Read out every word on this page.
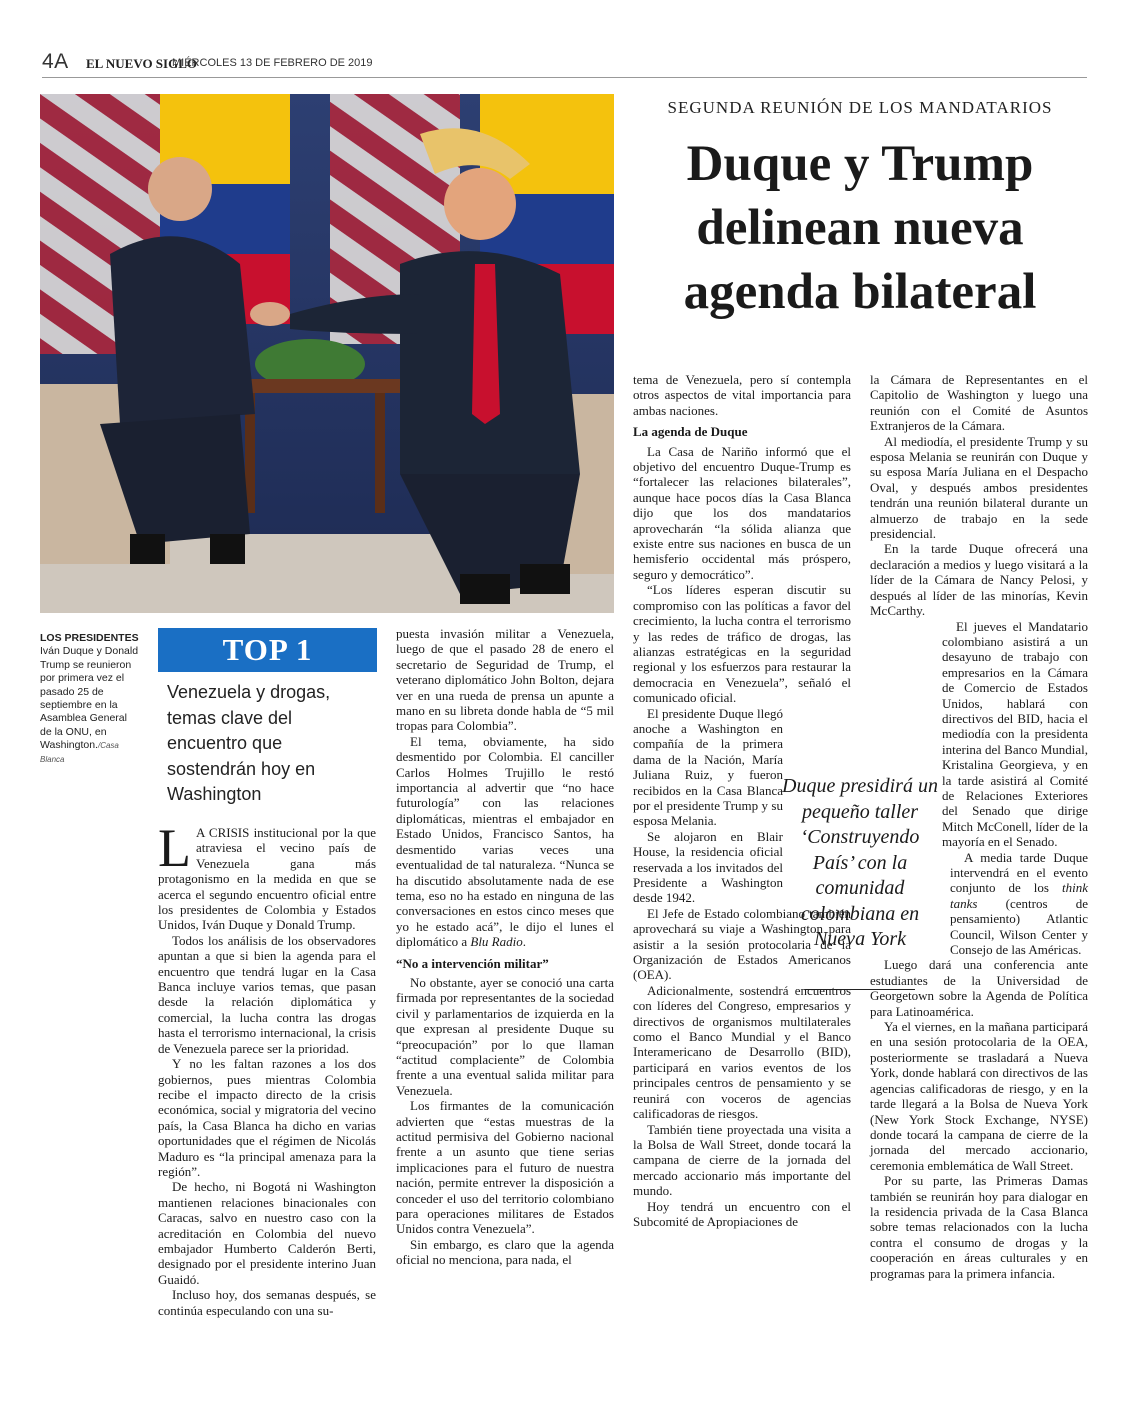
4A EL NUEVO SIGLO
MIÉRCOLES 13 DE FEBRERO DE 2019
SEGUNDA REUNIÓN DE LOS MANDATARIOS
Duque y Trump delinean nueva agenda bilateral
LOS PRESIDENTES
Iván Duque y Donald Trump se reunieron por primera vez el pasado 25 de septiembre en la Asamblea General de la ONU, en Washington./Casa Blanca
TOP 1
Venezuela y drogas, temas clave del encuentro que sostendrán hoy en Washington

L A CRISIS institucional por la que atraviesa el vecino país de Venezuela gana más protagonismo en la medida en que se acerca el segundo encuentro oficial entre los presidentes de Colombia y Estados Unidos, Iván Duque y Donald Trump.

Todos los análisis de los observadores apuntan a que si bien la agenda para el encuentro que tendrá lugar en la Casa Banca incluye varios temas, que pasan desde la relación diplomática y comercial, la lucha contra las drogas hasta el terrorismo internacional, la crisis de Venezuela parece ser la prioridad.

Y no les faltan razones a los dos gobiernos, pues mientras Colombia recibe el impacto directo de la crisis económica, social y migratoria del vecino país, la Casa Blanca ha dicho en varias oportunidades que el régimen de Nicolás Maduro es “la principal amenaza para la región”.

De hecho, ni Bogotá ni Washington mantienen relaciones binacionales con Caracas, salvo en nuestro caso con la acreditación en Colombia del nuevo embajador Humberto Calderón Berti, designado por el presidente interino Juan Guaidó.

Incluso hoy, dos semanas después, se continúa especulando con una su-

puesta invasión militar a Venezuela, luego de que el pasado 28 de enero el secretario de Seguridad de Trump, el veterano diplomático John Bolton, dejara ver en una rueda de prensa un apunte a mano en su libreta donde habla de “5 mil tropas para Colombia”.

El tema, obviamente, ha sido desmentido por Colombia. El canciller Carlos Holmes Trujillo le restó importancia al advertir que “no hace futurología” con las relaciones diplomáticas, mientras el embajador en Estado Unidos, Francisco Santos, ha desmentido varias veces una eventualidad de tal naturaleza. “Nunca se ha discutido absolutamente nada de ese tema, eso no ha estado en ninguna de las conversaciones en estos cinco meses que yo he estado acá”, le dijo el lunes el diplomático a Blu Radio.

“No a intervención militar”

No obstante, ayer se conoció una carta firmada por representantes de la sociedad civil y parlamentarios de izquierda en la que expresan al presidente Duque su “preocupación” por lo que llaman “actitud complaciente” de Colombia frente a una eventual salida militar para Venezuela.

Los firmantes de la comunicación advierten que “estas muestras de la actitud permisiva del Gobierno nacional frente a un asunto que tiene serias implicaciones para el futuro de nuestra nación, permite entrever la disposición a conceder el uso del territorio colombiano para operaciones militares de Estados Unidos contra Venezuela”.

Sin embargo, es claro que la agenda oficial no menciona, para nada, el

tema de Venezuela, pero sí contempla otros aspectos de vital importancia para ambas naciones.

La agenda de Duque

La Casa de Nariño informó que el objetivo del encuentro Duque-Trump es “fortalecer las relaciones bilaterales”, aunque hace pocos días la Casa Blanca dijo que los dos mandatarios aprovecharán “la sólida alianza que existe entre sus naciones en busca de un hemisferio occidental más próspero, seguro y democrático”.

“Los líderes esperan discutir su compromiso con las políticas a favor del crecimiento, la lucha contra el terrorismo y las redes de tráfico de drogas, las alianzas estratégicas en la seguridad regional y los esfuerzos para restaurar la democracia en Venezuela”, señaló el comunicado oficial.

El presidente Duque llegó anoche a Washington en compañía de la primera dama de la Nación, María Juliana Ruiz, y fueron recibidos en la Casa Blanca por el presidente Trump y su esposa Melania.

Se alojaron en Blair House, la residencia oficial reservada a los invitados del Presidente a Washington desde 1942.

El Jefe de Estado colombiano también aprovechará su viaje a Washington para asistir a la sesión protocolaria de la Organización de Estados Americanos (OEA).

Adicionalmente, sostendrá encuentros con líderes del Congreso, empresarios y directivos de organismos multilaterales como el Banco Mundial y el Banco Interamericano de Desarrollo (BID), participará en varios eventos de los principales centros de pensamiento y se reunirá con voceros de agencias calificadoras de riesgos.

También tiene proyectada una visita a la Bolsa de Wall Street, donde tocará la campana de cierre de la jornada del mercado accionario más importante del mundo.

Hoy tendrá un encuentro con el Subcomité de Apropiaciones de

Duque presidirá un pequeño taller ‘Construyendo País’ con la comunidad colombiana en Nueva York

la Cámara de Representantes en el Capitolio de Washington y luego una reunión con el Comité de Asuntos Extranjeros de la Cámara.

Al mediodía, el presidente Trump y su esposa Melania se reunirán con Duque y su esposa María Juliana en el Despacho Oval, y después ambos presidentes tendrán una reunión bilateral durante un almuerzo de trabajo en la sede presidencial.

En la tarde Duque ofrecerá una declaración a medios y luego visitará a la líder de la Cámara de Nancy Pelosi, y después al líder de las minorías, Kevin McCarthy.

El jueves el Mandatario colombiano asistirá a un desayuno de trabajo con empresarios en la Cámara de Comercio de Estados Unidos, hablará con directivos del BID, hacia el mediodía con la presidenta interina del Banco Mundial, Kristalina Georgieva, y en la tarde asistirá al Comité de Relaciones Exteriores del Senado que dirige Mitch McConell, líder de la mayoría en el Senado.

A media tarde Duque intervendrá en el evento conjunto de los think tanks (centros de pensamiento) Atlantic Council, Wilson Center y Consejo de las Américas.

Luego dará una conferencia ante estudiantes de la Universidad de Georgetown sobre la Agenda de Política para Latinoamérica.

Ya el viernes, en la mañana participará en una sesión protocolaria de la OEA, posteriormente se trasladará a Nueva York, donde hablará con directivos de las agencias calificadoras de riesgo, y en la tarde llegará a la Bolsa de Nueva York (New York Stock Exchange, NYSE) donde tocará la campana de cierre de la jornada del mercado accionario, ceremonia emblemática de Wall Street.

Por su parte, las Primeras Damas también se reunirán hoy para dialogar en la residencia privada de la Casa Blanca sobre temas relacionados con la lucha contra el consumo de drogas y la cooperación en áreas culturales y en programas para la primera infancia.
